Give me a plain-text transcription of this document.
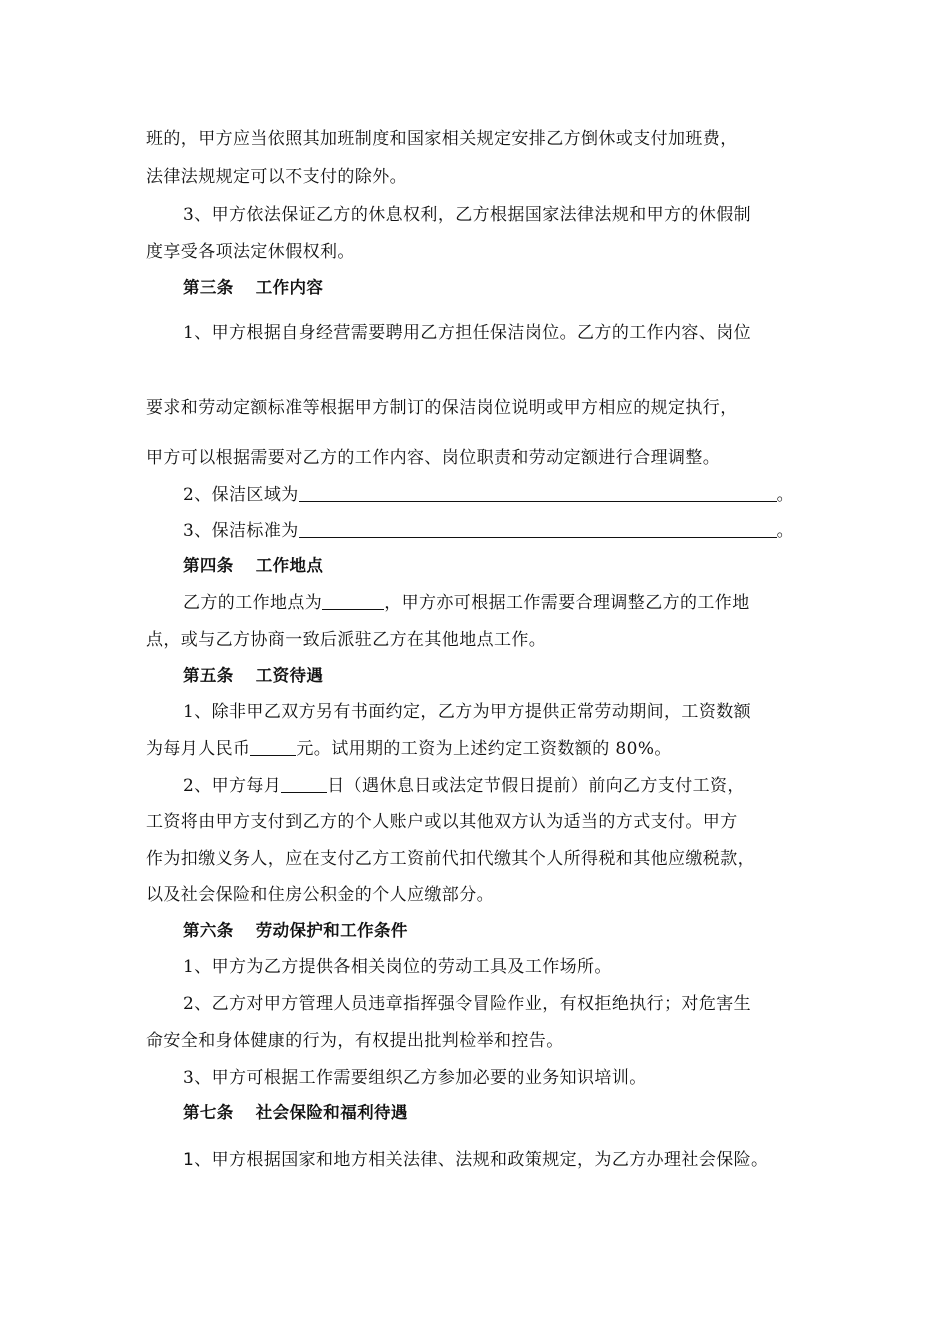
班的，甲方应当依照其加班制度和国家相关规定安排乙方倒休或支付加班费，
法律法规规定可以不支付的除外。
3、甲方依法保证乙方的休息权利，乙方根据国家法律法规和甲方的休假制
度享受各项法定休假权利。
第三条 工作内容
1、甲方根据自身经营需要聘用乙方担任保洁岗位。乙方的工作内容、岗位
要求和劳动定额标准等根据甲方制订的保洁岗位说明或甲方相应的规定执行，
甲方可以根据需要对乙方的工作内容、岗位职责和劳动定额进行合理调整。
2、保洁区域为	。
3、保洁标准为	。
第四条 工作地点
乙方的工作地点为	，甲方亦可根据工作需要合理调整乙方的工作地
点，或与乙方协商一致后派驻乙方在其他地点工作。
第五条 工资待遇
1、除非甲乙双方另有书面约定，乙方为甲方提供正常劳动期间，工资数额
为每月人民币	元。试用期的工资为上述约定工资数额的 80%。
2、甲方每月	日（遇休息日或法定节假日提前）前向乙方支付工资，
工资将由甲方支付到乙方的个人账户或以其他双方认为适当的方式支付。甲方
作为扣缴义务人，应在支付乙方工资前代扣代缴其个人所得税和其他应缴税款，
以及社会保险和住房公积金的个人应缴部分。
第六条 劳动保护和工作条件
1、甲方为乙方提供各相关岗位的劳动工具及工作场所。
2、乙方对甲方管理人员违章指挥强令冒险作业，有权拒绝执行；对危害生
命安全和身体健康的行为，有权提出批判检举和控告。
3、甲方可根据工作需要组织乙方参加必要的业务知识培训。
第七条 社会保险和福利待遇
1、甲方根据国家和地方相关法律、法规和政策规定，为乙方办理社会保险。
